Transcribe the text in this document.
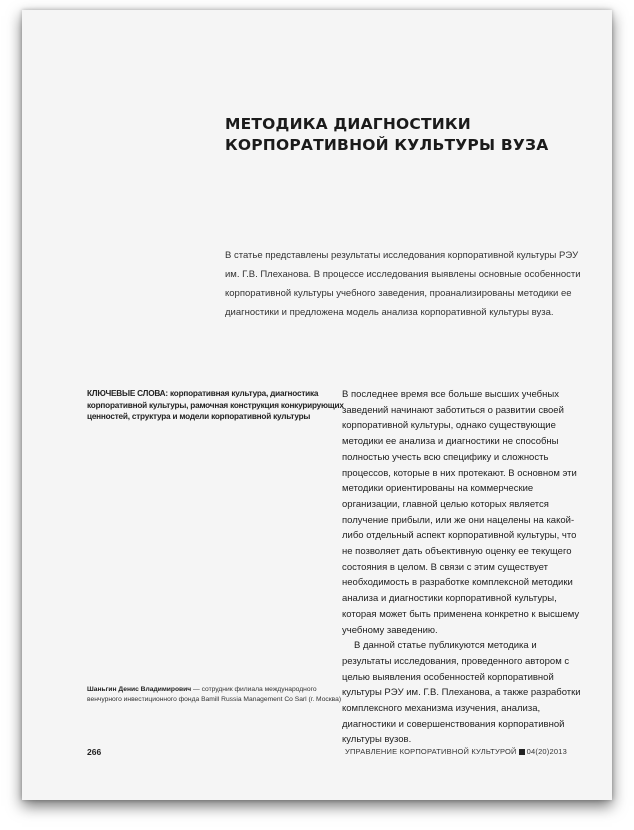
МЕТОДИКА ДИАГНОСТИКИ КОРПОРАТИВНОЙ КУЛЬТУРЫ ВУЗА

В статье представлены результаты исследования корпоративной культуры РЭУ им. Г.В. Плеханова. В процессе исследования выявлены основные особенности корпоративной культуры учебного заведения, проанализированы методики ее диагностики и предложена модель анализа корпоративной культуры вуза.

КЛЮЧЕВЫЕ СЛОВА: корпоративная культура, диагностика корпоративной культуры, рамочная конструкция конкурирующих ценностей, структура и модели корпоративной культуры

В последнее время все больше высших учебных заведений начинают заботиться о развитии своей корпоративной культуры, однако существующие методики ее анализа и диагностики не способны полностью учесть всю специфику и сложность процессов, которые в них протекают. В основном эти методики ориентированы на коммерческие организации, главной целью которых является получение прибыли, или же они нацелены на какой-либо отдельный аспект корпоративной культуры, что не позволяет дать объективную оценку ее текущего состояния в целом. В связи с этим существует необходимость в разработке комплексной методики анализа и диагностики корпоративной культуры, которая может быть применена конкретно к высшему учебному заведению.
В данной статье публикуются методика и результаты исследования, проведенного автором с целью выявления особенностей корпоративной культуры РЭУ им. Г.В. Плеханова, а также разработки комплексного механизма изучения, анализа, диагностики и совершенствования корпоративной культуры вузов.

Шаньгин Денис Владимирович — сотрудник филиала международного венчурного инвестиционного фонда Bamill Russia Management Co Sarl (г. Москва)

266	УПРАВЛЕНИЕ КОРПОРАТИВНОЙ КУЛЬТУРОЙ 04(20)2013
